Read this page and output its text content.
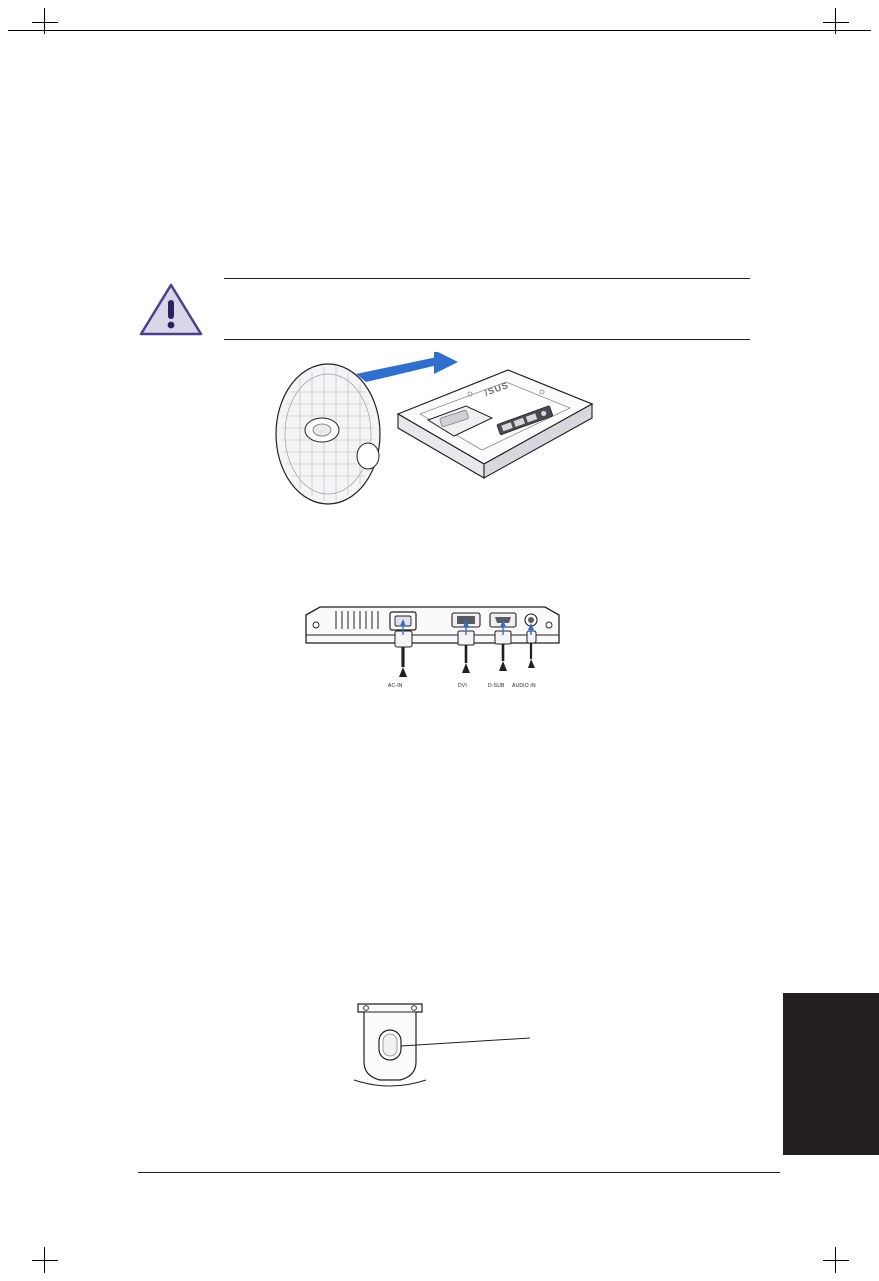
/SUS
AC-IN	DVI	D-SUB AUDIO IN
